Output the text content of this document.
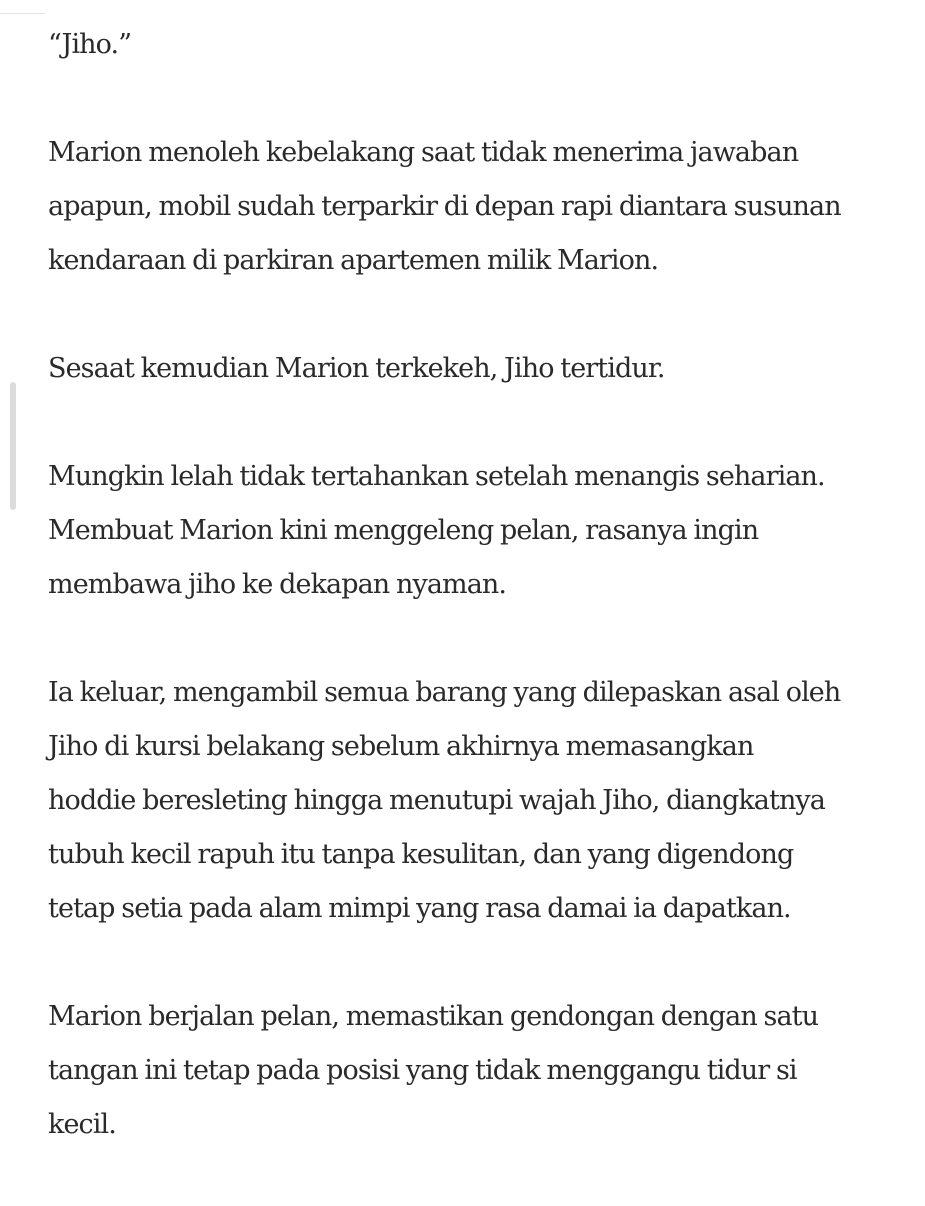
“Jiho.”

Marion menoleh kebelakang saat tidak menerima jawaban
apapun, mobil sudah terparkir di depan rapi diantara susunan
kendaraan di parkiran apartemen milik Marion.

Sesaat kemudian Marion terkekeh, Jiho tertidur.

Mungkin lelah tidak tertahankan setelah menangis seharian.
Membuat Marion kini menggeleng pelan, rasanya ingin
membawa jiho ke dekapan nyaman.

Ia keluar, mengambil semua barang yang dilepaskan asal oleh
Jiho di kursi belakang sebelum akhirnya memasangkan
hoddie beresleting hingga menutupi wajah Jiho, diangkatnya
tubuh kecil rapuh itu tanpa kesulitan, dan yang digendong
tetap setia pada alam mimpi yang rasa damai ia dapatkan.

Marion berjalan pelan, memastikan gendongan dengan satu
tangan ini tetap pada posisi yang tidak menggangu tidur si
kecil.
